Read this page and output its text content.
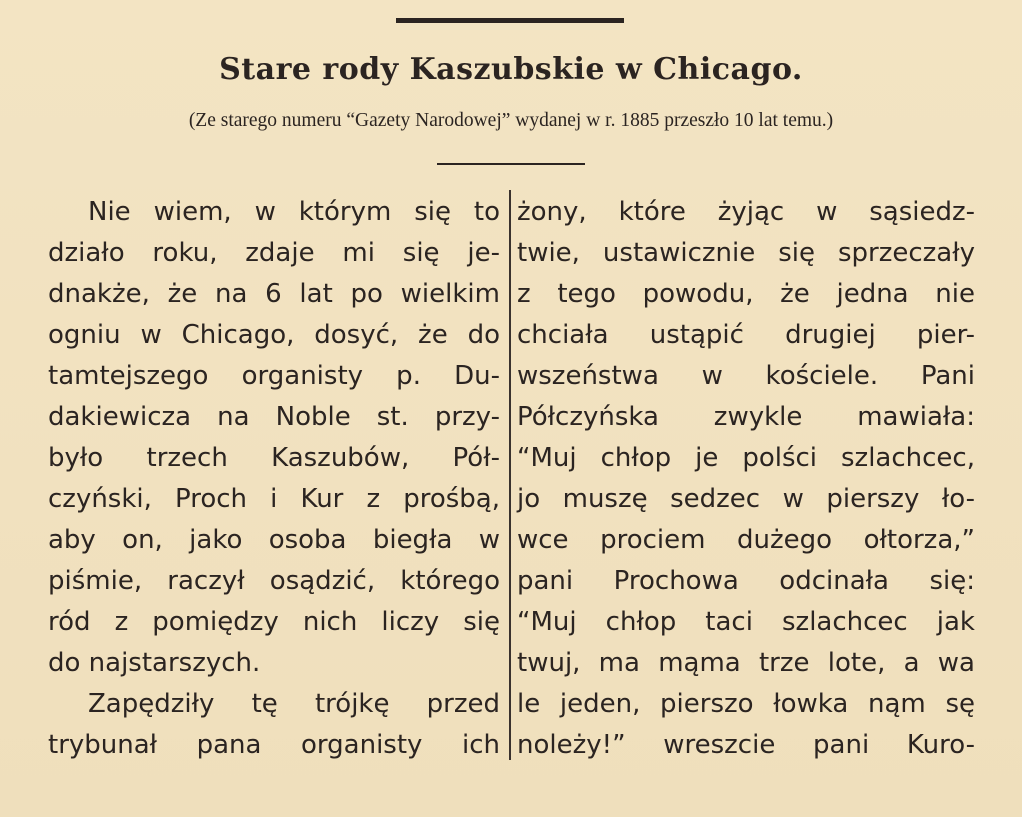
Stare rody Kaszubskie w Chicago.
(Ze starego numeru “Gazety Narodowej” wydanej w r. 1885 przeszło 10 lat temu.)
Nie wiem, w którym się to
działo roku, zdaje mi się je-
dnakże, że na 6 lat po wielkim
ogniu w Chicago, dosyć, że do
tamtejszego organisty p. Du-
dakiewicza na Noble st. przy-
było trzech Kaszubów, Pół-
czyński, Proch i Kur z prośbą,
aby on, jako osoba biegła w
piśmie, raczył osądzić, którego
ród z pomiędzy nich liczy się
do najstarszych.
Zapędziły tę trójkę przed
trybunał pana organisty ich
żony, które żyjąc w sąsiedz-
twie, ustawicznie się sprzeczały
z tego powodu, że jedna nie
chciała ustąpić drugiej pier-
wszeństwa w kościele. Pani
Półczyńska zwykle mawiała:
“Muj chłop je polści szlachcec,
jo muszę sedzec w pierszy ło-
wce prociem dużego ołtorza,”
pani Prochowa odcinała się:
“Muj chłop taci szlachcec jak
twuj, ma mąma trze lote, a wa
le jeden, pierszo łowka nąm sę
noleży!” wreszcie pani Kuro-
